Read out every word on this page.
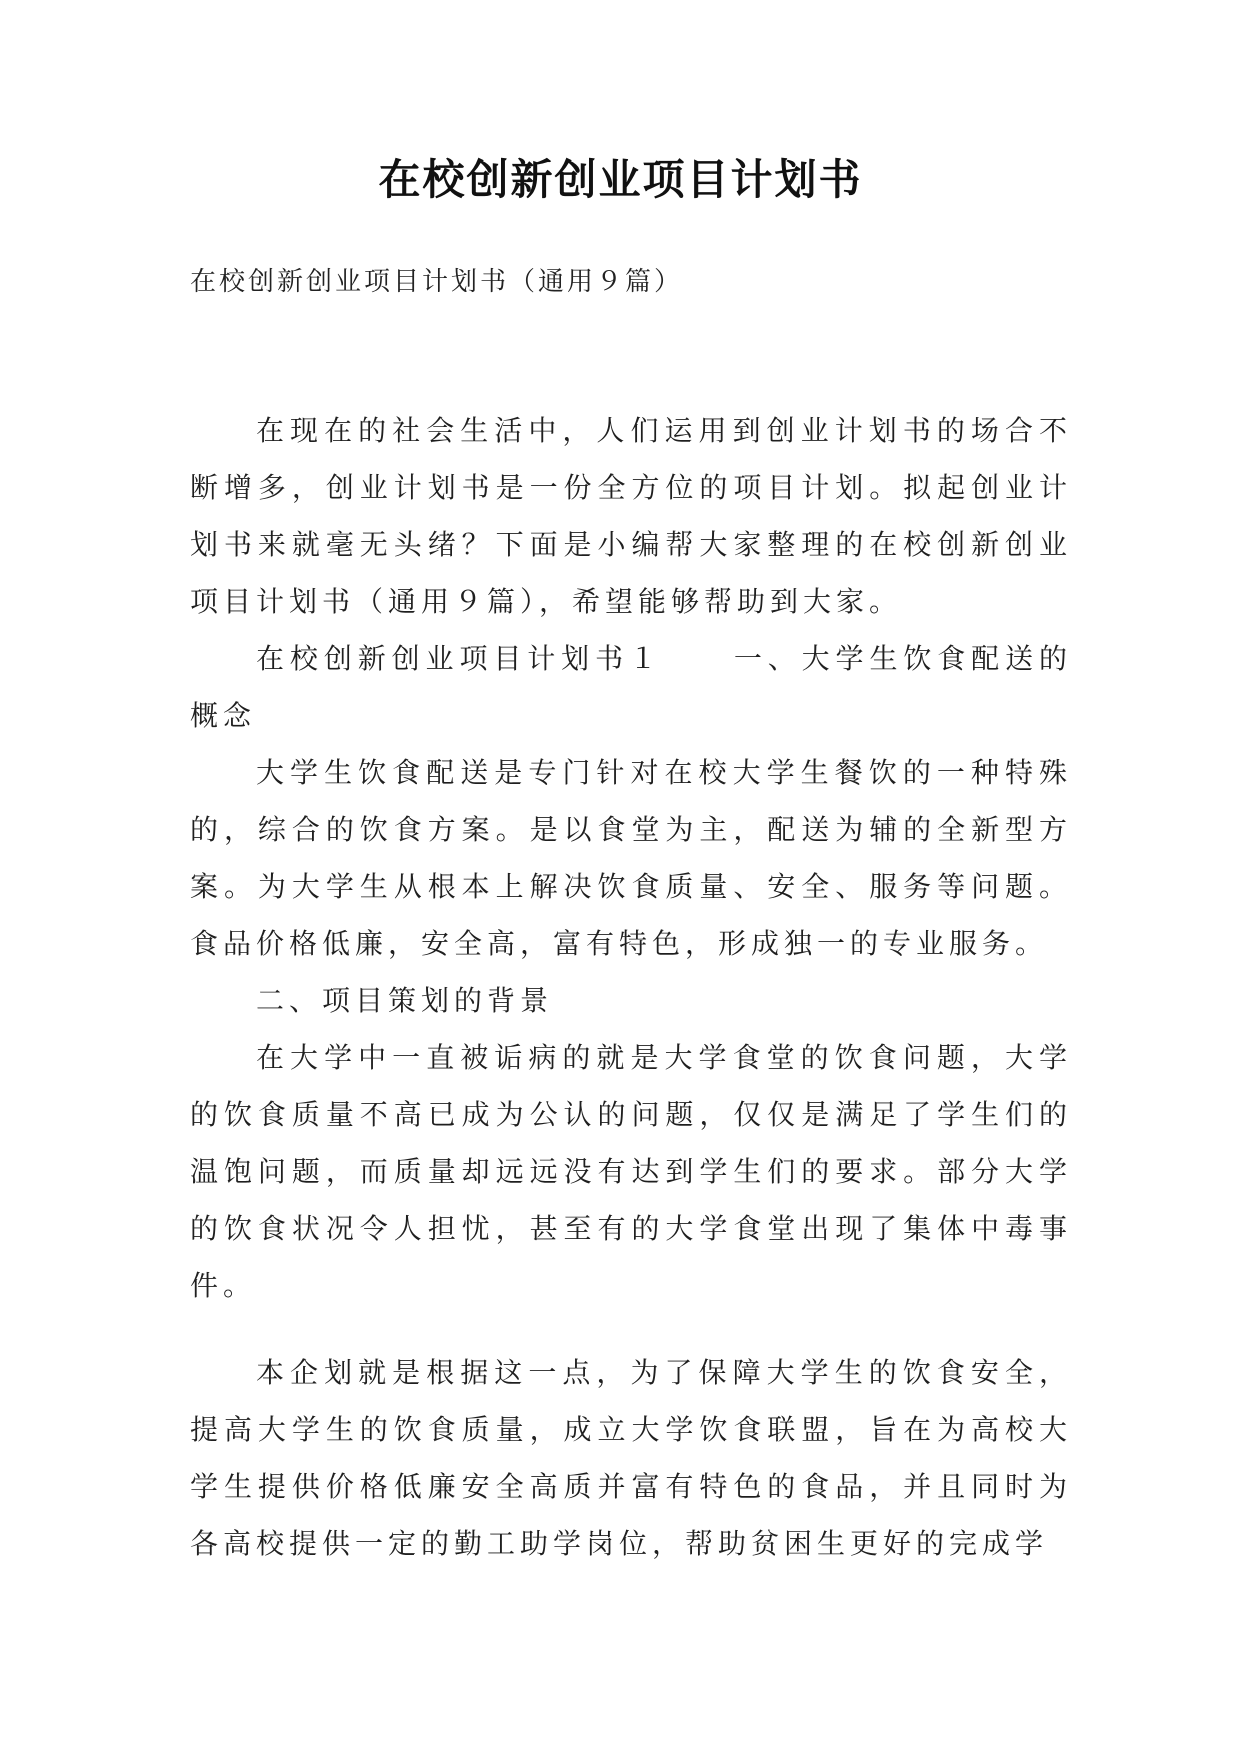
在校创新创业项目计划书
在校创新创业项目计划书（通用９篇）

在现在的社会生活中，人们运用到创业计划书的场合不断增多，创业计划书是一份全方位的项目计划。拟起创业计划书来就毫无头绪？下面是小编帮大家整理的在校创新创业项目计划书（通用９篇），希望能够帮助到大家。

在校创新创业项目计划书１	一、大学生饮食配送的概念

大学生饮食配送是专门针对在校大学生餐饮的一种特殊的，综合的饮食方案。是以食堂为主，配送为辅的全新型方案。为大学生从根本上解决饮食质量、安全、服务等问题。食品价格低廉，安全高，富有特色，形成独一的专业服务。

二、项目策划的背景

在大学中一直被诟病的就是大学食堂的饮食问题，大学的饮食质量不高已成为公认的问题，仅仅是满足了学生们的温饱问题，而质量却远远没有达到学生们的要求。部分大学的饮食状况令人担忧，甚至有的大学食堂出现了集体中毒事件。

本企划就是根据这一点，为了保障大学生的饮食安全，提高大学生的饮食质量，成立大学饮食联盟，旨在为高校大学生提供价格低廉安全高质并富有特色的食品，并且同时为各高校提供一定的勤工助学岗位，帮助贫困生更好的完成学
